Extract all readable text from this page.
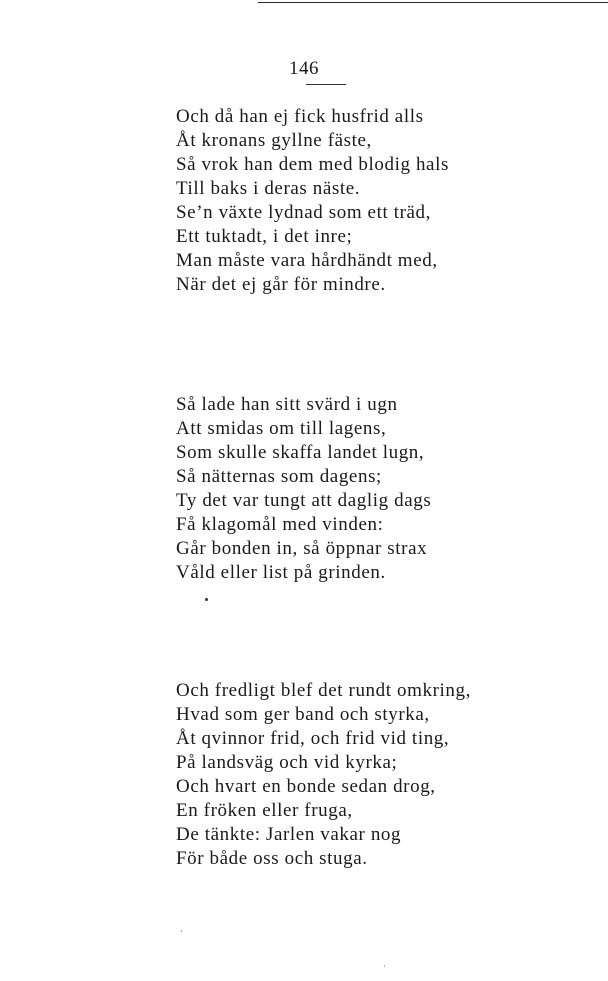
146
Och då han ej fick husfrid alls
Åt kronans gyllne fäste,
Så vrok han dem med blodig hals
Till baks i deras näste.
Se’n växte lydnad som ett träd,
Ett tuktadt, i det inre;
Man måste vara hårdhändt med,
När det ej går för mindre.
Så lade han sitt svärd i ugn
Att smidas om till lagens,
Som skulle skaffa landet lugn,
Så nätternas som dagens;
Ty det var tungt att daglig dags
Få klagomål med vinden:
Går bonden in, så öppnar strax
Våld eller list på grinden.
Och fredligt blef det rundt omkring,
Hvad som ger band och styrka,
Åt qvinnor frid, och frid vid ting,
På landsväg och vid kyrka;
Och hvart en bonde sedan drog,
En fröken eller fruga,
De tänkte: Jarlen vakar nog
För både oss och stuga.
